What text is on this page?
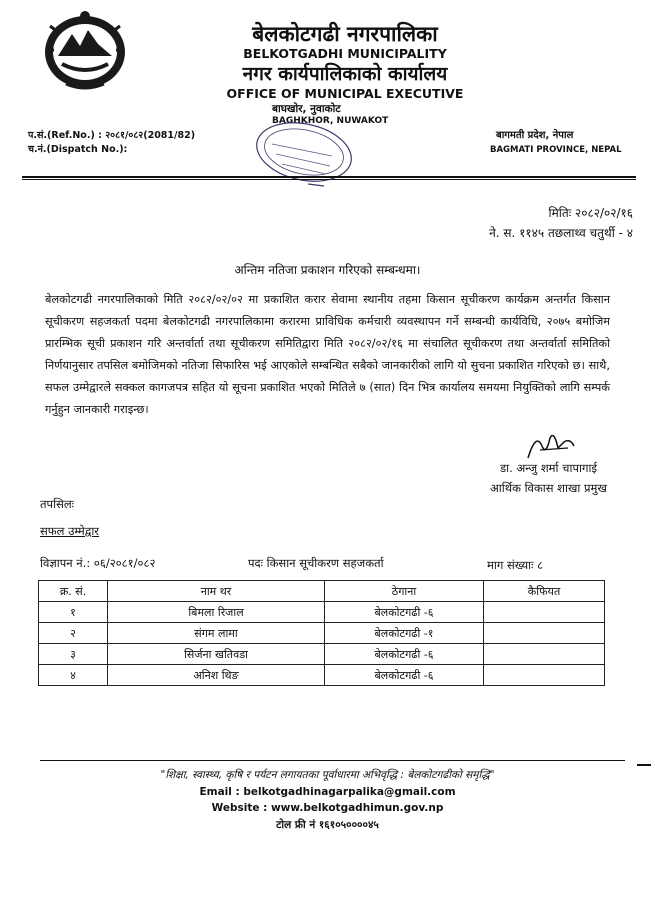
बेलकोटगढी नगरपालिका
BELKOTGADHI MUNICIPALITY
नगर कार्यपालिकाको कार्यालय
OFFICE OF MUNICIPAL EXECUTIVE
बाघखोर, नुवाकोट
BAGHKHOR, NUWAKOT
प.सं.(Ref.No.) : २०८१/०८२(2081/82)
च.नं.(Dispatch No.):
बागमती प्रदेश, नेपाल
BAGMATI PROVINCE, NEPAL
मितिः २०८२/०२/१६
ने. स. ११४५ तछलाथ्व चतुर्थी - ४
अन्तिम नतिजा प्रकाशन गरिएको सम्बन्धमा।
बेलकोटगढी नगरपालिकाको मिति २०८२/०२/०२ मा प्रकाशित करार सेवामा स्थानीय तहमा किसान सूचीकरण कार्यक्रम अन्तर्गत किसान सूचीकरण सहजकर्ता पदमा बेलकोटगढी नगरपालिकामा करारमा प्राविधिक कर्मचारी व्यवस्थापन गर्ने सम्बन्धी कार्यविधि, २०७५ बमोजिम प्रारम्भिक सूची प्रकाशन गरि अन्तर्वार्ता तथा सूचीकरण समितिद्वारा मिति २०८२/०२/१६ मा संचालित सूचीकरण तथा अन्तर्वार्ता समितिको निर्णयानुसार तपसिल बमोजिमको नतिजा सिफारिस भई आएकोले सम्बन्धित सबैको जानकारीको लागि यो सुचना प्रकाशित गरिएको छ। साथै, सफल उम्मेद्वारले सक्कल कागजपत्र सहित यो सूचना प्रकाशित भएको मितिले ७ (सात) दिन भित्र कार्यालय समयमा नियुक्तिको लागि सम्पर्क गर्नुहुन जानकारी गराइन्छ।
डा. अन्जु शर्मा चापागाई
आर्थिक विकास शाखा प्रमुख
तपसिलः
सफल उम्मेद्वार
विज्ञापन नं.: ०६/२०८१/०८२	पदः किसान सूचीकरण सहजकर्ता	माग संख्याः ८
क्र. सं.	नाम थर	ठेगाना	कैफियत
१	बिमला रिजाल	बेलकोटगढी -६	
२	संगम लामा	बेलकोटगढी -१	
३	सिर्जना खतिवडा	बेलकोटगढी -६	
४	अनिश थिङ	बेलकोटगढी -६	
"शिक्षा, स्वास्थ्य, कृषि र पर्यटन लगायतका पूर्वाधारमा अभिवृद्धि : बेलकोटगढीको समृद्धि"
Email : belkotgadhinagarpalika@gmail.com
Website : www.belkotgadhimun.gov.np
टोल फ्री नं १६१०५००००४५
